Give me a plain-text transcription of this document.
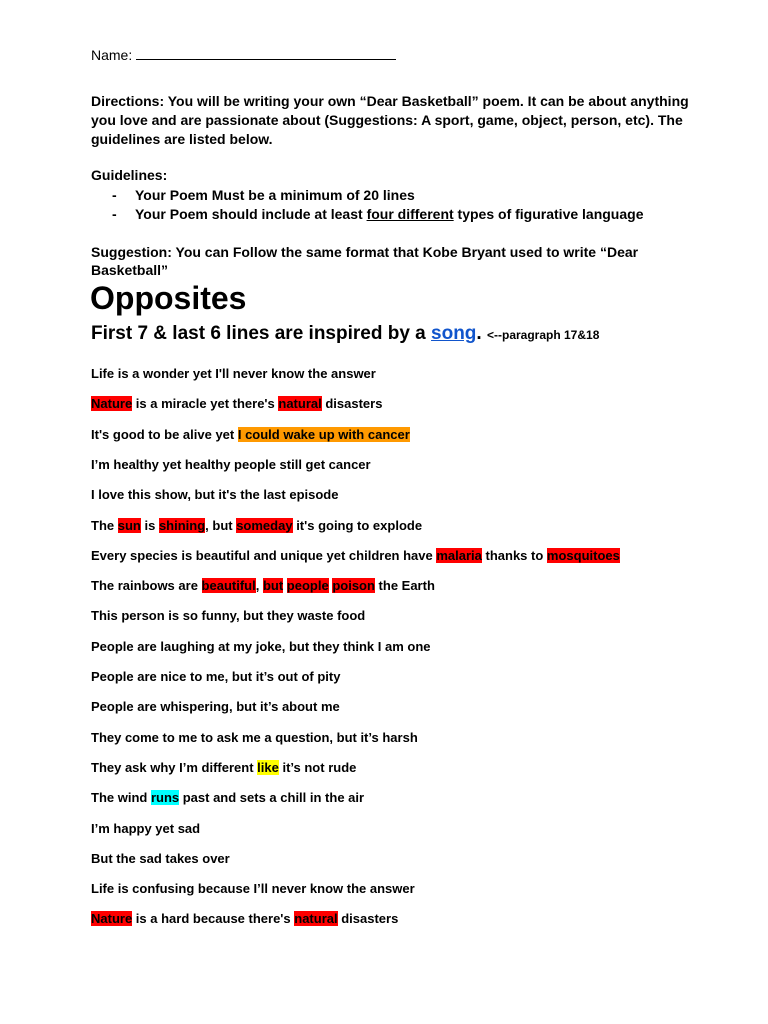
Name:
Directions: You will be writing your own “Dear Basketball” poem. It can be about anything you love and are passionate about (Suggestions: A sport, game, object, person, etc). The guidelines are listed below.
Guidelines:
- Your Poem Must be a minimum of 20 lines
- Your Poem should include at least four different types of figurative language
Suggestion: You can Follow the same format that Kobe Bryant used to write “Dear Basketball”
Opposites
First 7 & last 6 lines are inspired by a song. <--paragraph 17&18
Life is a wonder yet I'll never know the answer
Nature is a miracle yet there's natural disasters
It's good to be alive yet I could wake up with cancer
I’m healthy yet healthy people still get cancer
I love this show, but it's the last episode
The sun is shining, but someday it's going to explode
Every species is beautiful and unique yet children have malaria thanks to mosquitoes
The rainbows are beautiful, but people poison the Earth
This person is so funny, but they waste food
People are laughing at my joke, but they think I am one
People are nice to me, but it’s out of pity
People are whispering, but it’s about me
They come to me to ask me a question, but it’s harsh
They ask why I’m different like it’s not rude
The wind runs past and sets a chill in the air
I’m happy yet sad
But the sad takes over
Life is confusing because I’ll never know the answer
Nature is a hard because there's natural disasters
